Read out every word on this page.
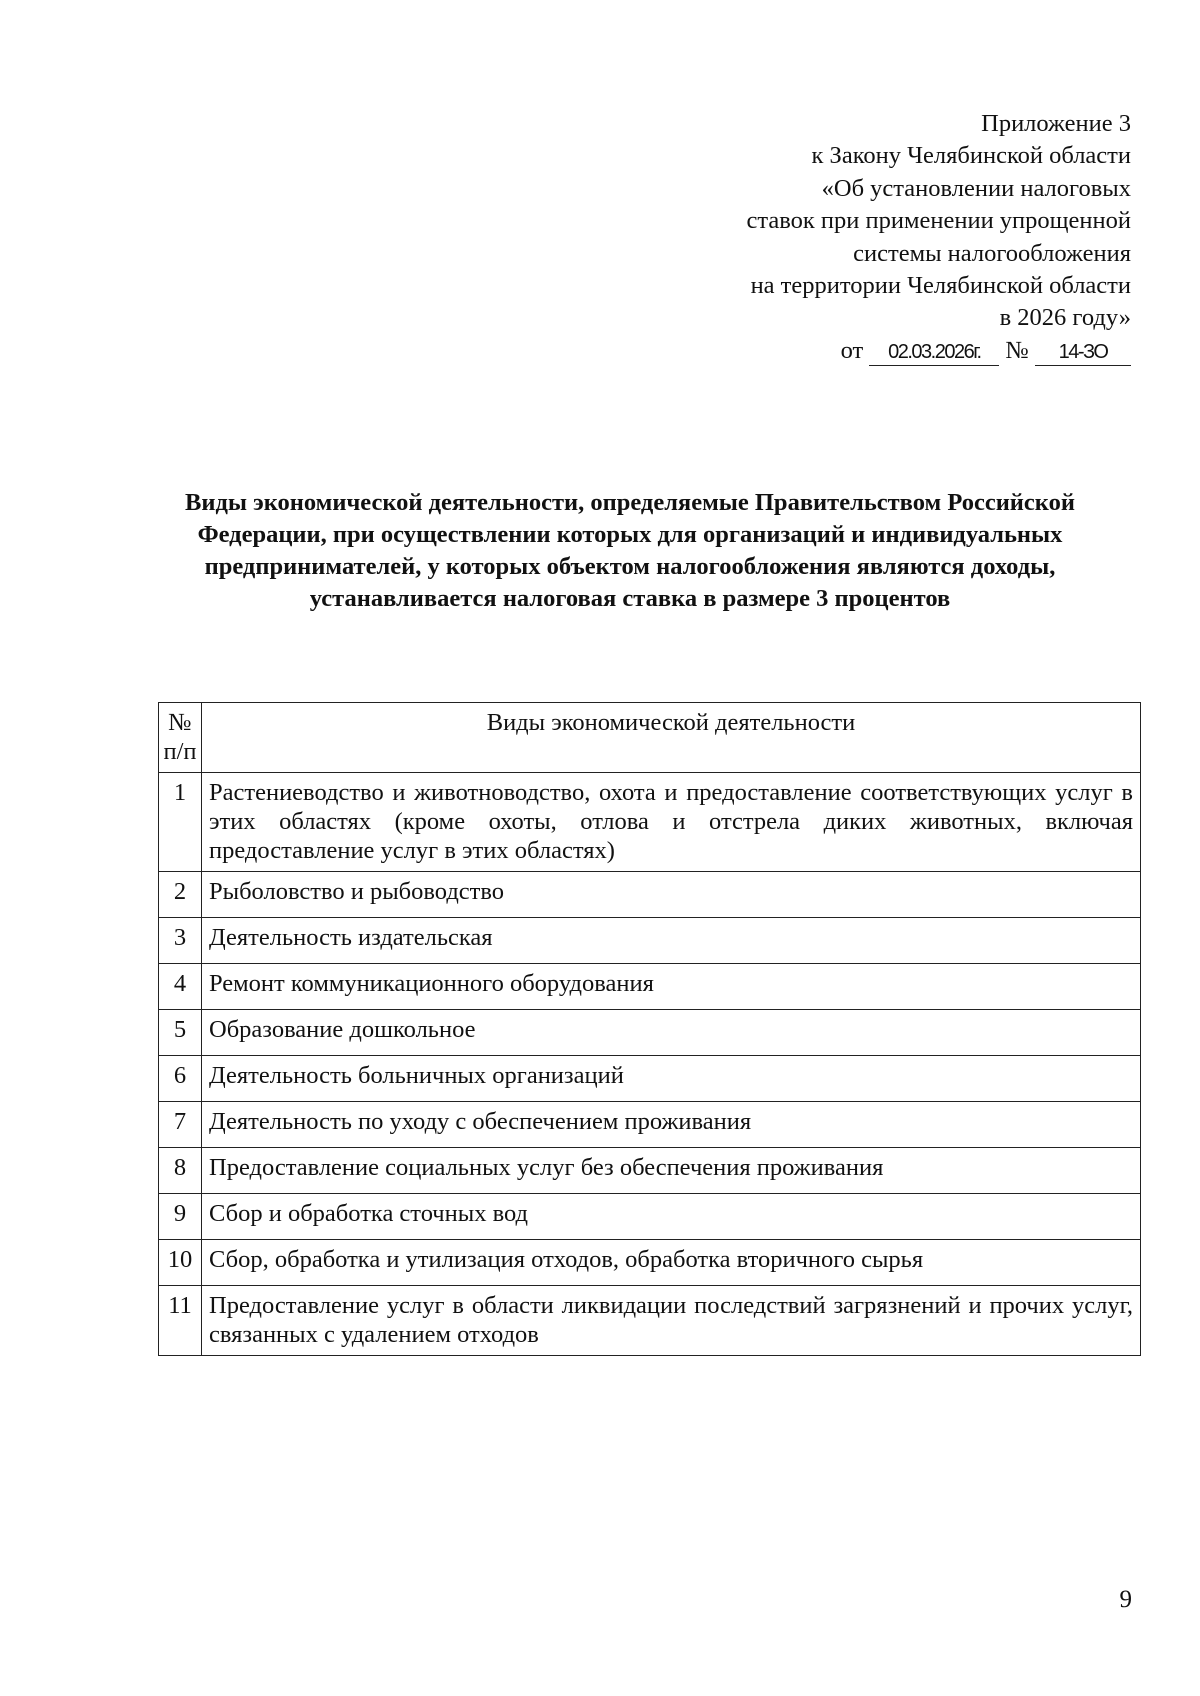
Приложение 3
к Закону Челябинской области
«Об установлении налоговых
ставок при применении упрощенной
системы налогообложения
на территории Челябинской области
в 2026 году»
от 02.03.2026г. № 14-ЗО
Виды экономической деятельности, определяемые Правительством Российской
Федерации, при осуществлении которых для организаций и индивидуальных
предпринимателей, у которых объектом налогообложения являются доходы,
устанавливается налоговая ставка в размере 3 процентов
№ п/п	Виды экономической деятельности
1	Растениеводство и животноводство, охота и предоставление соответствующих услуг в этих областях (кроме охоты, отлова и отстрела диких животных, включая предоставление услуг в этих областях)
2	Рыболовство и рыбоводство
3	Деятельность издательская
4	Ремонт коммуникационного оборудования
5	Образование дошкольное
6	Деятельность больничных организаций
7	Деятельность по уходу с обеспечением проживания
8	Предоставление социальных услуг без обеспечения проживания
9	Сбор и обработка сточных вод
10	Сбор, обработка и утилизация отходов, обработка вторичного сырья
11	Предоставление услуг в области ликвидации последствий загрязнений и прочих услуг, связанных с удалением отходов
9
